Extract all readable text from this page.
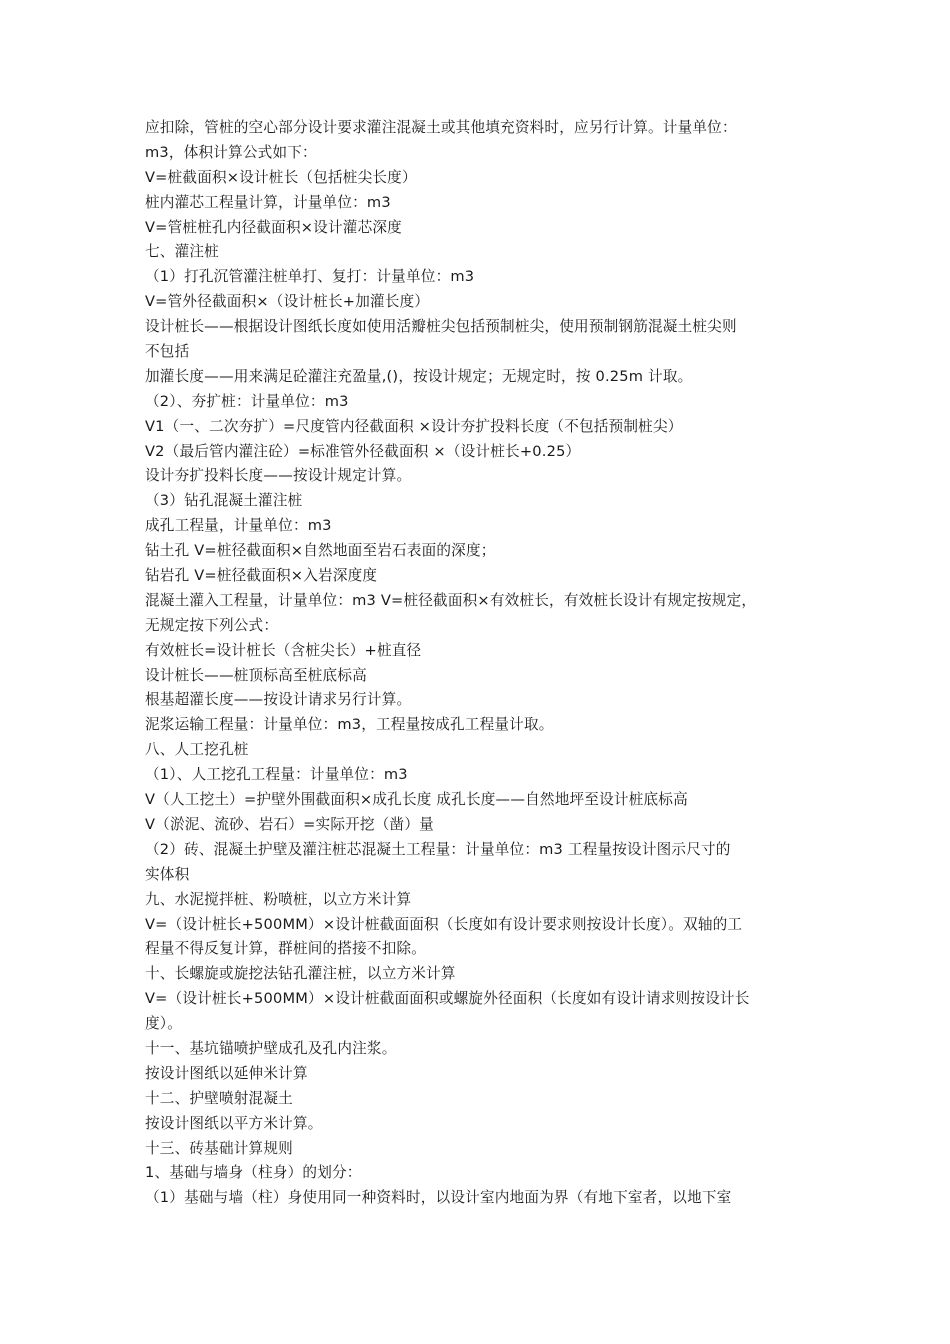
应扣除，管桩的空心部分设计要求灌注混凝土或其他填充资料时，应另行计算。计量单位：
m3，体积计算公式如下：
V=桩截面积×设计桩长（包括桩尖长度）
桩内灌芯工程量计算，计量单位：m3
V=管桩桩孔内径截面积×设计灌芯深度
七、灌注桩
（1）打孔沉管灌注桩单打、复打：计量单位：m3
V=管外径截面积×（设计桩长+加灌长度）
设计桩长——根据设计图纸长度如使用活瓣桩尖包括预制桩尖，使用预制钢筋混凝土桩尖则
不包括
加灌长度——用来满足砼灌注充盈量,()，按设计规定；无规定时，按 0.25m 计取。
（2）、夯扩桩：计量单位：m3
V1（一、二次夯扩）=尺度管内径截面积 ×设计夯扩投料长度（不包括预制桩尖）
V2（最后管内灌注砼）=标准管外径截面积 ×（设计桩长+0.25）
设计夯扩投料长度——按设计规定计算。
（3）钻孔混凝土灌注桩
成孔工程量，计量单位：m3
钻土孔 V=桩径截面积×自然地面至岩石表面的深度；
钻岩孔 V=桩径截面积×入岩深度度
混凝土灌入工程量，计量单位：m3 V=桩径截面积×有效桩长，有效桩长设计有规定按规定，
无规定按下列公式：
有效桩长=设计桩长（含桩尖长）+桩直径
设计桩长——桩顶标高至桩底标高
根基超灌长度——按设计请求另行计算。
泥浆运输工程量：计量单位：m3，工程量按成孔工程量计取。
八、人工挖孔桩
（1）、人工挖孔工程量：计量单位：m3
V（人工挖土）=护壁外围截面积×成孔长度 成孔长度——自然地坪至设计桩底标高
V（淤泥、流砂、岩石）=实际开挖（凿）量
（2）砖、混凝土护壁及灌注桩芯混凝土工程量：计量单位：m3 工程量按设计图示尺寸的
实体积
九、水泥搅拌桩、粉喷桩，以立方米计算
V=（设计桩长+500MM）×设计桩截面面积（长度如有设计要求则按设计长度）。双轴的工
程量不得反复计算，群桩间的搭接不扣除。
十、长螺旋或旋挖法钻孔灌注桩，以立方米计算
V=（设计桩长+500MM）×设计桩截面面积或螺旋外径面积（长度如有设计请求则按设计长
度）。
十一、基坑锚喷护壁成孔及孔内注浆。
按设计图纸以延伸米计算
十二、护壁喷射混凝土
按设计图纸以平方米计算。
十三、砖基础计算规则
1、基础与墙身（柱身）的划分：
（1）基础与墙（柱）身使用同一种资料时，以设计室内地面为界（有地下室者，以地下室
